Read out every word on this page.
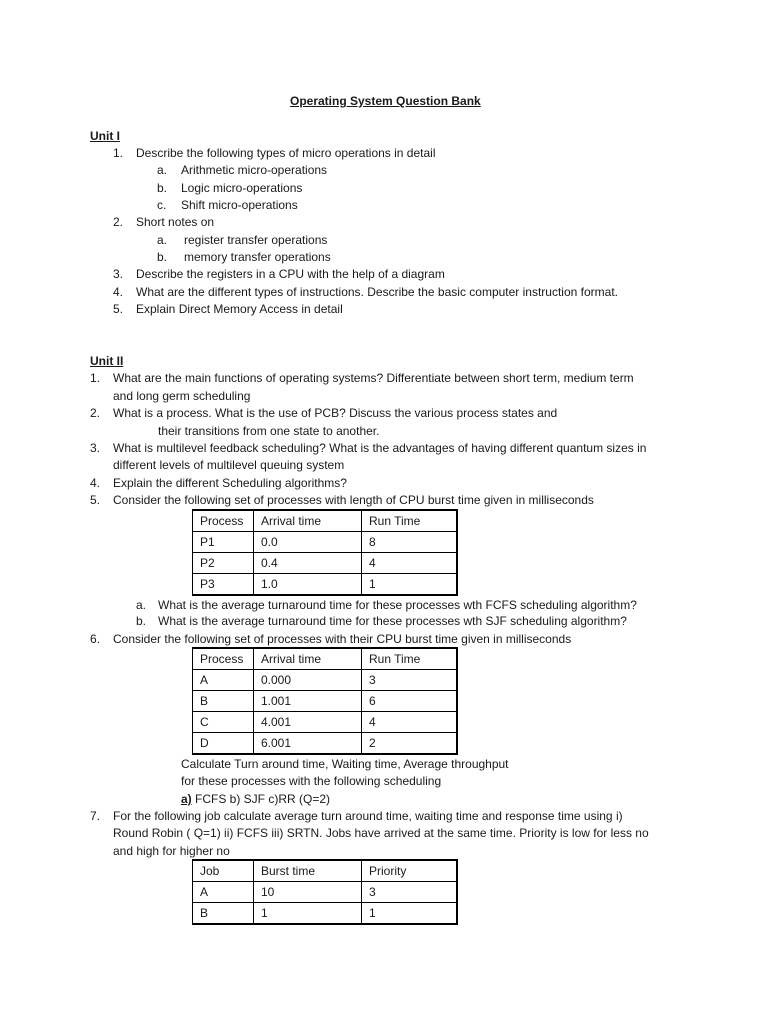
Operating System Question Bank
Unit I
1. Describe the following types of micro operations in detail
a. Arithmetic micro-operations
b. Logic micro-operations
c. Shift micro-operations
2. Short notes on
a. register transfer operations
b. memory transfer operations
3. Describe the registers in a CPU with the help of a diagram
4. What are the different types of instructions. Describe the basic computer instruction format.
5. Explain Direct Memory Access in detail
Unit II
1. What are the main functions of operating systems? Differentiate between short term, medium term
and long germ scheduling
2. What is a process. What is the use of PCB? Discuss the various process states and
their transitions from one state to another.
3. What is multilevel feedback scheduling? What is the advantages of having different quantum sizes in
different levels of multilevel queuing system
4. Explain the different Scheduling algorithms?
5. Consider the following set of processes with length of CPU burst time given in milliseconds
Process	Arrival time	Run Time
P1	0.0	8
P2	0.4	4
P3	1.0	1
a. What is the average turnaround time for these processes wth FCFS scheduling algorithm?
b. What is the average turnaround time for these processes wth SJF scheduling algorithm?
6. Consider the following set of processes with their CPU burst time given in milliseconds
Process	Arrival time	Run Time
A	0.000	3
B	1.001	6
C	4.001	4
D	6.001	2
Calculate Turn around time, Waiting time, Average throughput
for these processes with the following scheduling
a) FCFS b) SJF c)RR (Q=2)
7. For the following job calculate average turn around time, waiting time and response time using i)
Round Robin ( Q=1) ii) FCFS iii) SRTN. Jobs have arrived at the same time. Priority is low for less no
and high for higher no
Job	Burst time	Priority
A	10	3
B	1	1
